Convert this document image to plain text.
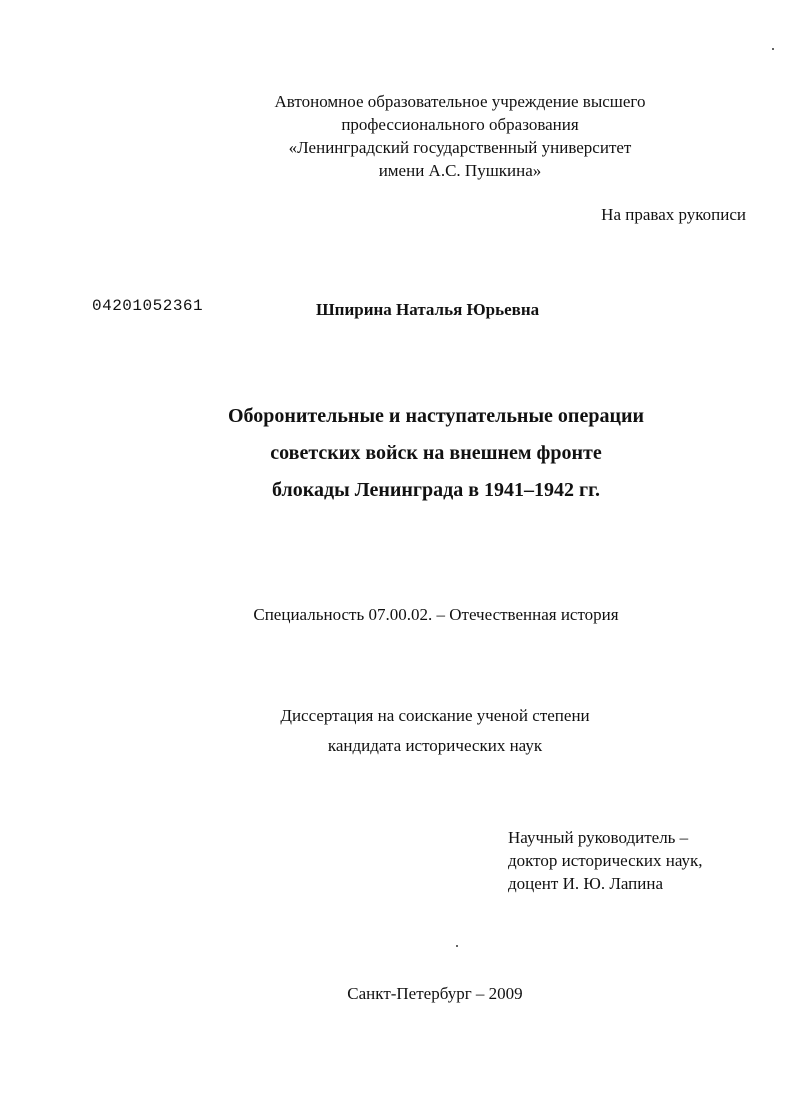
Автономное образовательное учреждение высшего
профессионального образования
«Ленинградский государственный университет
имени А.С. Пушкина»
На правах рукописи
04201052361	Шпирина Наталья Юрьевна
Оборонительные и наступательные операции
советских войск на внешнем фронте
блокады Ленинграда в 1941–1942 гг.
Специальность 07.00.02. – Отечественная история
Диссертация на соискание ученой степени
кандидата исторических наук
Научный руководитель –
доктор исторических наук,
доцент И. Ю. Лапина
Санкт-Петербург – 2009
